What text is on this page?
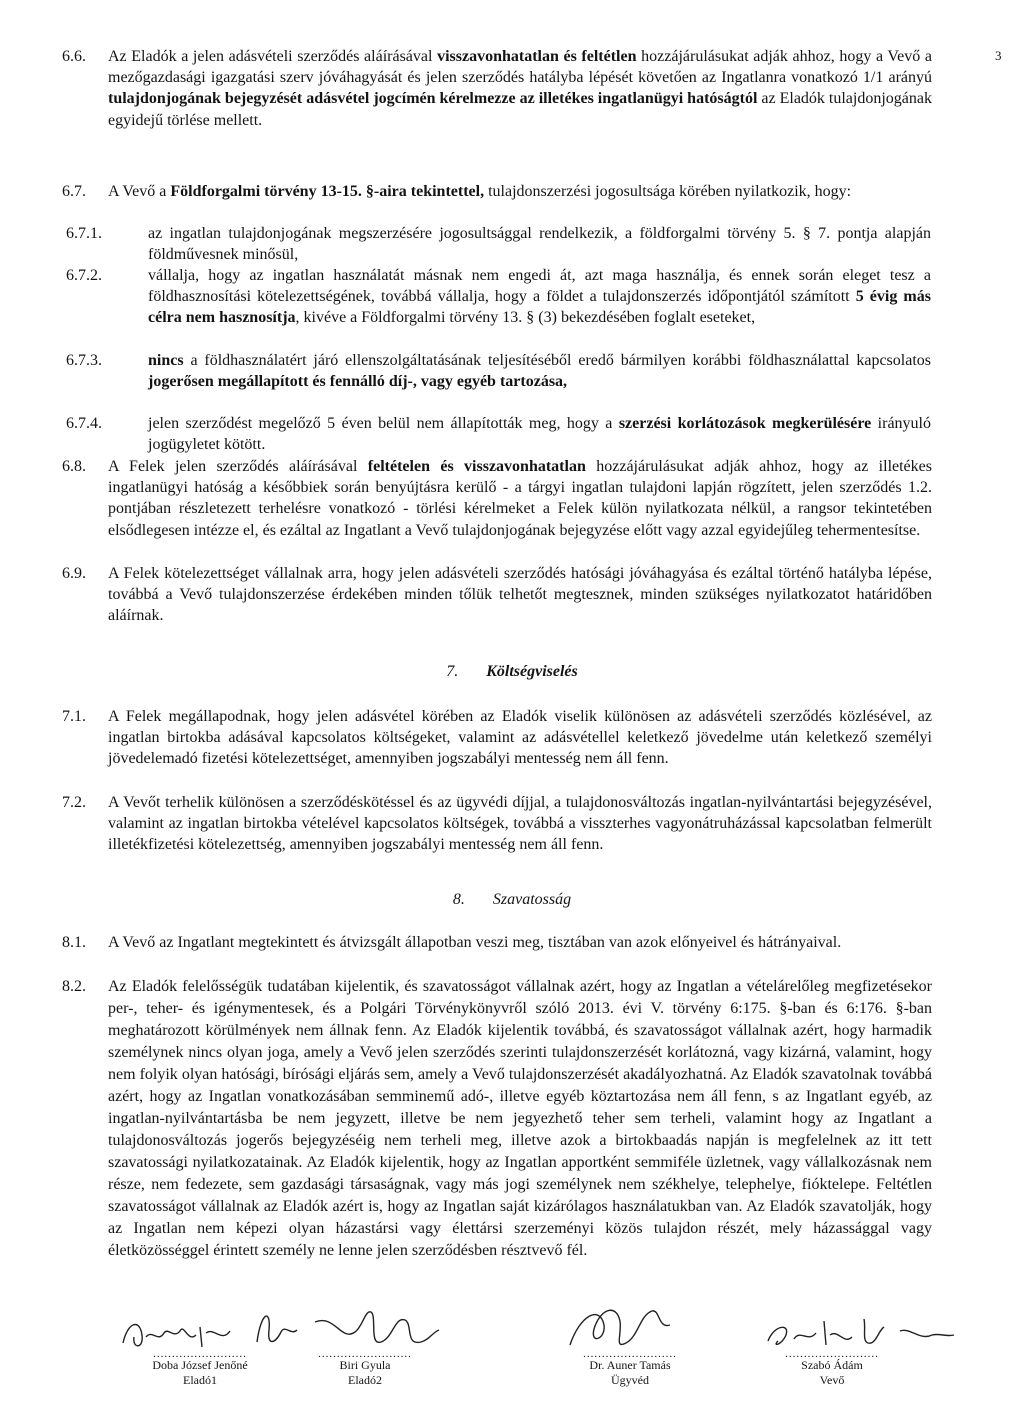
3
6.6. Az Eladók a jelen adásvételi szerződés aláírásával visszavonhatatlan és feltétlen hozzájárulásukat adják ahhoz, hogy a Vevő a mezőgazdasági igazgatási szerv jóváhagyását és jelen szerződés hatályba lépését követően az Ingatlanra vonatkozó 1/1 arányú tulajdonjogának bejegyzését adásvétel jogcímén kérelmezze az illetékes ingatlanügyi hatóságtól az Eladók tulajdonjogának egyidejű törlése mellett.
6.7. A Vevő a Földforgalmi törvény 13-15. §-aira tekintettel, tulajdonszerzési jogosultsága körében nyilatkozik, hogy:
6.7.1.	az ingatlan tulajdonjogának megszerzésére jogosultsággal rendelkezik, a földforgalmi törvény 5. § 7. pontja alapján földművesnek minősül,
6.7.2.	vállalja, hogy az ingatlan használatát másnak nem engedi át, azt maga használja, és ennek során eleget tesz a földhasznosítási kötelezettségének, továbbá vállalja, hogy a földet a tulajdonszerzés időpontjától számított 5 évig más célra nem hasznosítja, kivéve a Földforgalmi törvény 13. § (3) bekezdésében foglalt eseteket,
6.7.3.	nincs a földhasználatért járó ellenszolgáltatásának teljesítéséből eredő bármilyen korábbi földhasználattal kapcsolatos jogerősen megállapított és fennálló díj-, vagy egyéb tartozása,
6.7.4.	jelen szerződést megelőző 5 éven belül nem állapították meg, hogy a szerzési korlátozások megkerülésére irányuló jogügyletet kötött.
6.8. A Felek jelen szerződés aláírásával feltételen és visszavonhatatlan hozzájárulásukat adják ahhoz, hogy az illetékes ingatlanügyi hatóság a későbbiek során benyújtásra kerülő - a tárgyi ingatlan tulajdoni lapján rögzített, jelen szerződés 1.2. pontjában részletezett terhelésre vonatkozó - törlési kérelmeket a Felek külön nyilatkozata nélkül, a rangsor tekintetében elsődlegesen intézze el, és ezáltal az Ingatlant a Vevő tulajdonjogának bejegyzése előtt vagy azzal egyidejűleg tehermentesítse.
6.9. A Felek kötelezettséget vállalnak arra, hogy jelen adásvételi szerződés hatósági jóváhagyása és ezáltal történő hatályba lépése, továbbá a Vevő tulajdonszerzése érdekében minden tőlük telhetőt megtesznek, minden szükséges nyilatkozatot határidőben aláírnak.
7. Költségviselés
7.1. A Felek megállapodnak, hogy jelen adásvétel körében az Eladók viselik különösen az adásvételi szerződés közlésével, az ingatlan birtokba adásával kapcsolatos költségeket, valamint az adásvétellel keletkező jövedelme után keletkező személyi jövedelemadó fizetési kötelezettséget, amennyiben jogszabályi mentesség nem áll fenn.
7.2. A Vevőt terhelik különösen a szerződéskötéssel és az ügyvédi díjjal, a tulajdonosváltozás ingatlan-nyilvántartási bejegyzésével, valamint az ingatlan birtokba vételével kapcsolatos költségek, továbbá a visszterhes vagyonátruházással kapcsolatban felmerült illetékfizetési kötelezettség, amennyiben jogszabályi mentesség nem áll fenn.
8. Szavatosság
8.1. A Vevő az Ingatlant megtekintett és átvizsgált állapotban veszi meg, tisztában van azok előnyeivel és hátrányaival.
8.2. Az Eladók felelősségük tudatában kijelentik, és szavatosságot vállalnak azért, hogy az Ingatlan a vételárelőleg megfizetésekor per-, teher- és igénymentesek, és a Polgári Törvénykönyvről szóló 2013. évi V. törvény 6:175. §-ban és 6:176. §-ban meghatározott körülmények nem állnak fenn. Az Eladók kijelentik továbbá, és szavatosságot vállalnak azért, hogy harmadik személynek nincs olyan joga, amely a Vevő jelen szerződés szerinti tulajdonszerzését korlátozná, vagy kizárná, valamint, hogy nem folyik olyan hatósági, bírósági eljárás sem, amely a Vevő tulajdonszerzését akadályozhatná. Az Eladók szavatolnak továbbá azért, hogy az Ingatlan vonatkozásában semminemű adó-, illetve egyéb köztartozása nem áll fenn, s az Ingatlant egyéb, az ingatlan-nyilvántartásba be nem jegyzett, illetve be nem jegyezhető teher sem terheli, valamint hogy az Ingatlant a tulajdonosváltozás jogerős bejegyzéséig nem terheli meg, illetve azok a birtokbaadás napján is megfelelnek az itt tett szavatossági nyilatkozatainak. Az Eladók kijelentik, hogy az Ingatlan apportként semmiféle üzletnek, vagy vállalkozásnak nem része, nem fedezete, sem gazdasági társaságnak, vagy más jogi személynek nem székhelye, telephelye, fióktelepe. Feltétlen szavatosságot vállalnak az Eladók azért is, hogy az Ingatlan saját kizárólagos használatukban van. Az Eladók szavatolják, hogy az Ingatlan nem képezi olyan házastársi vagy élettársi szerzeményi közös tulajdon részét, mely házassággal vagy életközösséggel érintett személy ne lenne jelen szerződésben résztvevő fél.
.........................
Doba József Jenőné
Eladó1
.........................
Biri Gyula
Eladó2
.........................
Dr. Auner Tamás
Ügyvéd
.........................
Szabó Ádám
Vevő
